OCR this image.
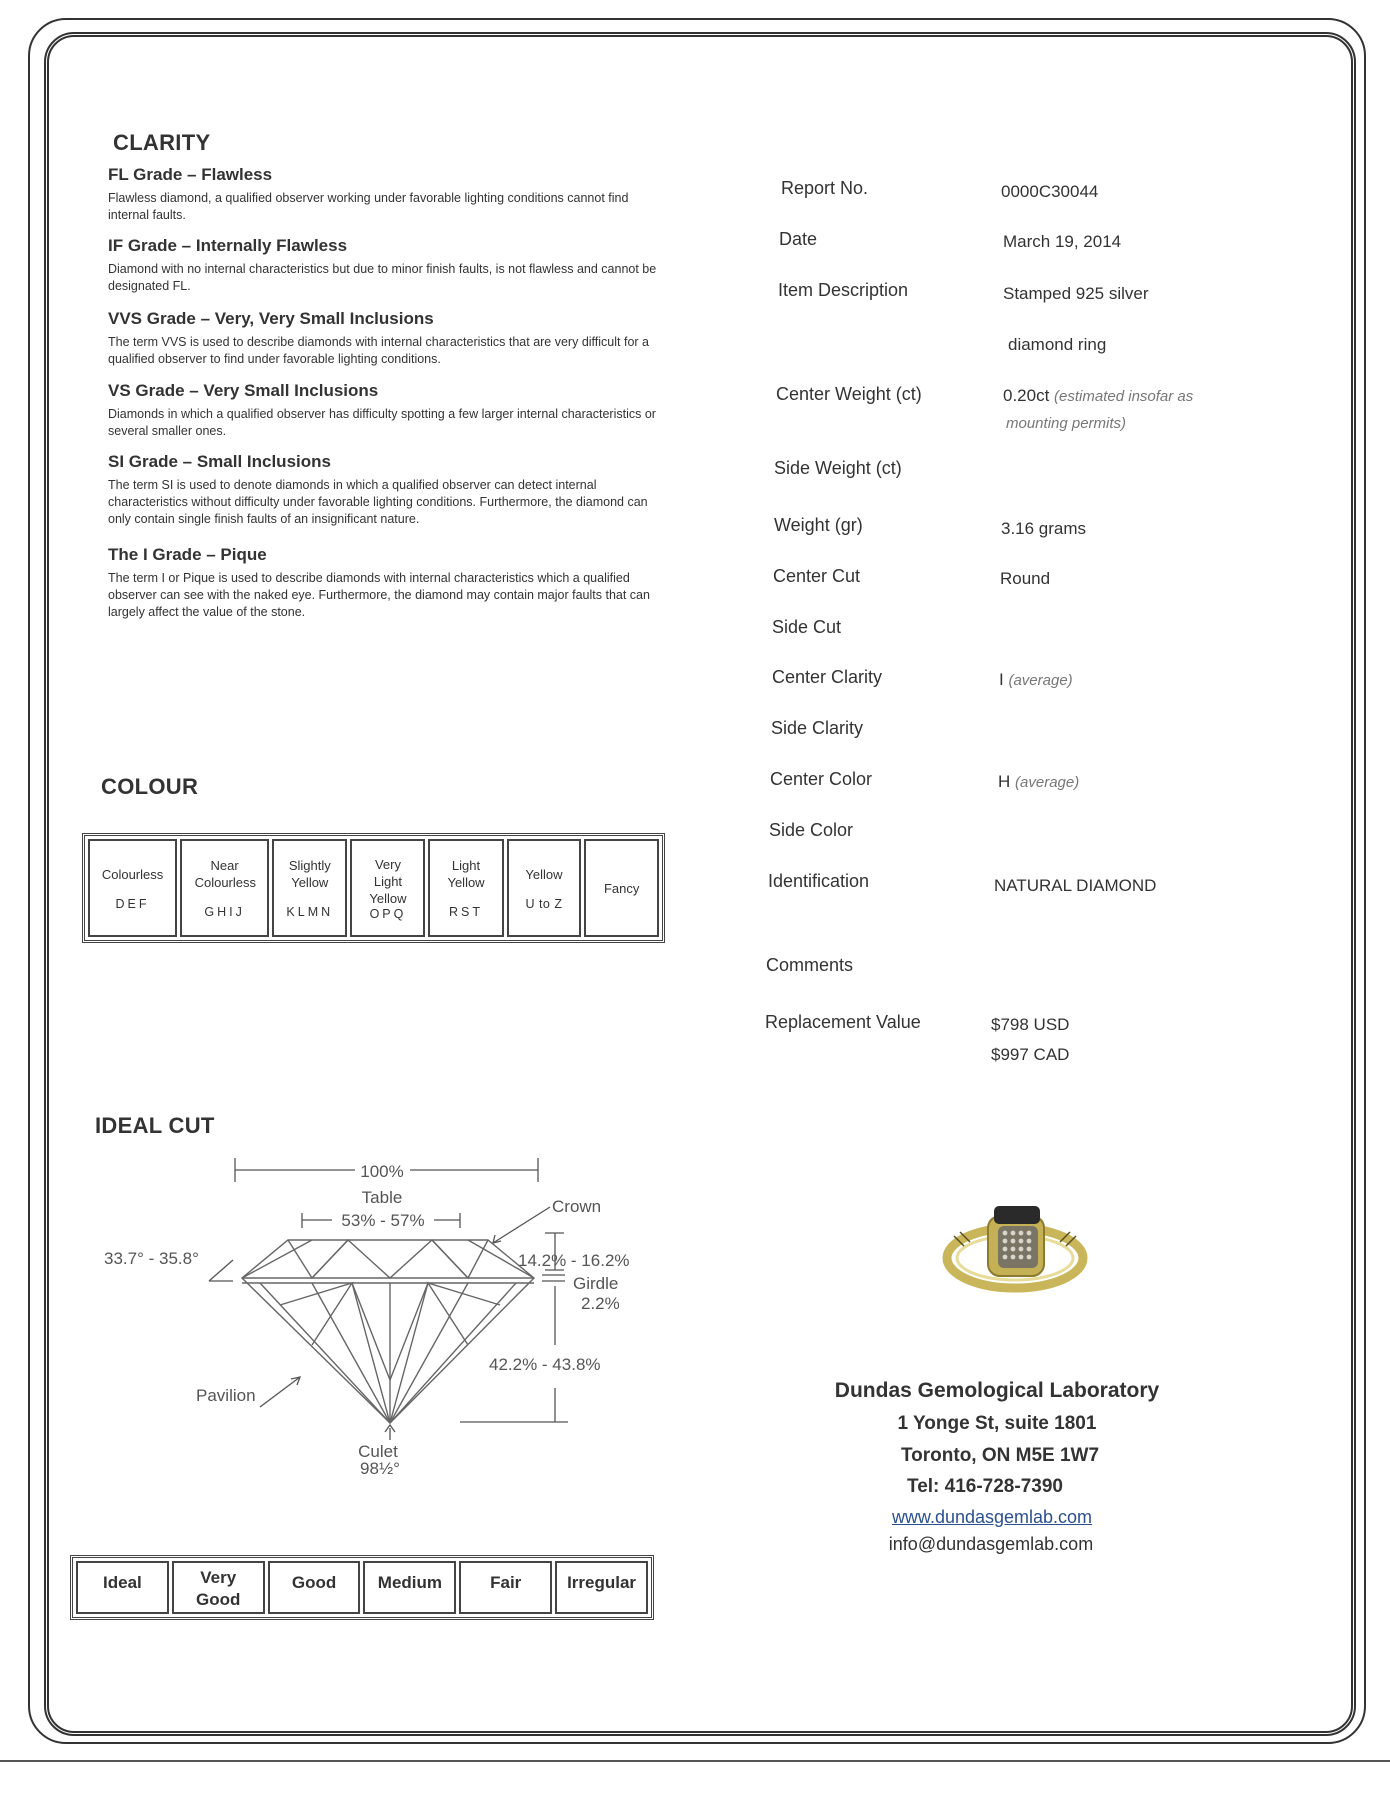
CLARITY
FL Grade – Flawless
Flawless diamond, a qualified observer working under favorable lighting conditions cannot find internal faults.
IF Grade – Internally Flawless
Diamond with no internal characteristics but due to minor finish faults, is not flawless and cannot be designated FL.
VVS Grade – Very, Very Small Inclusions
The term VVS is used to describe diamonds with internal characteristics that are very difficult for a qualified observer to find under favorable lighting conditions.
VS Grade – Very Small Inclusions
Diamonds in which a qualified observer has difficulty spotting a few larger internal characteristics or several smaller ones.
SI Grade – Small Inclusions
The term SI is used to denote diamonds in which a qualified observer can detect internal characteristics without difficulty under favorable lighting conditions. Furthermore, the diamond can only contain single finish faults of an insignificant nature.
The I Grade – Pique
The term I or Pique is used to describe diamonds with internal characteristics which a qualified observer can see with the naked eye. Furthermore, the diamond may contain major faults that can largely affect the value of the stone.
COLOUR
Colourless
DEF

Near Colourless
GHIJ

Slightly Yellow
KLMN

Very Light Yellow
OPQ

Light Yellow
RST

Yellow
U to Z

Fancy
IDEAL CUT
100%
Table
53% - 57%
Crown
33.7° - 35.8°	14.2% - 16.2%
Girdle
2.2%
42.2% - 43.8%
Pavilion
Culet
98½°
Ideal	Very Good
	Good	Medium	Fair	Irregular
Report No.	0000C30044
Date	March 19, 2014
Item Description	Stamped 925 silver
diamond ring
Center Weight (ct)	0.20ct (estimated insofar as
mounting permits)
Side Weight (ct)
Weight (gr)	3.16 grams
Center Cut	Round
Side Cut
Center Clarity	I (average)
Side Clarity
Center Color	H (average)
Side Color
Identification	NATURAL DIAMOND
Comments
Replacement Value	$798 USD
$997 CAD
Dundas Gemological Laboratory
1 Yonge St, suite 1801
Toronto, ON M5E 1W7
Tel: 416-728-7390
www.dundasgemlab.com
info@dundasgemlab.com
